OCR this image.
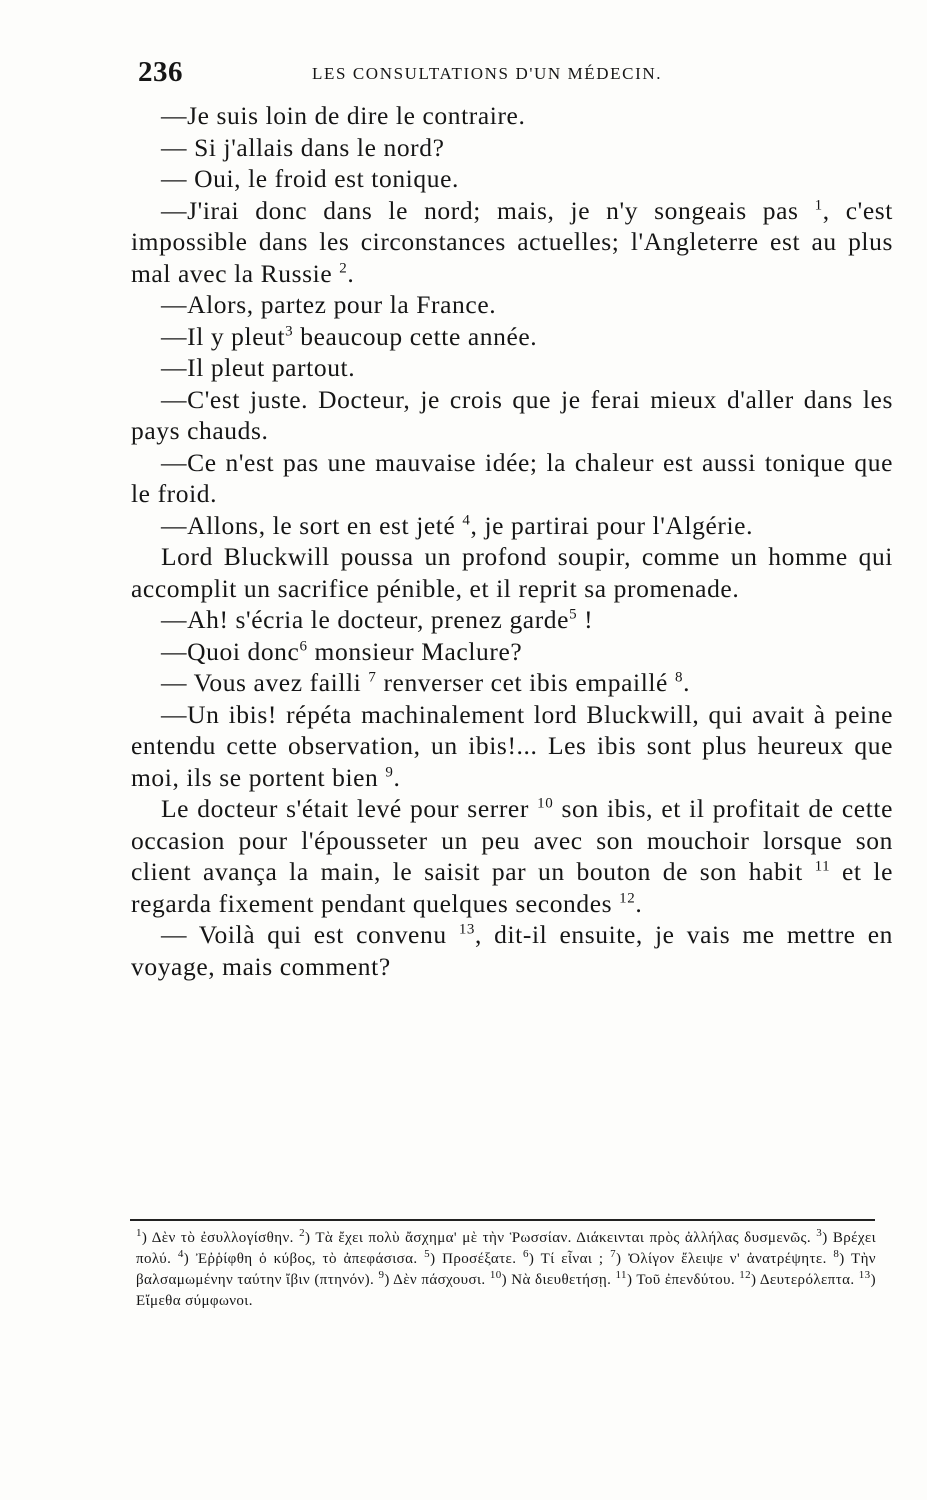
236	LES CONSULTATIONS D'UN MÉDECIN.

—Je suis loin de dire le contraire.

— Si j'allais dans le nord?

— Oui, le froid est tonique.

—J'irai donc dans le nord; mais, je n'y songeais pas $^1$, c'est impossible dans les circonstances actuelles; l'Angleterre est au plus mal avec la Russie $^2$.

—Alors, partez pour la France.

—Il y pleut$^3$ beaucoup cette année.

—Il pleut partout.

—C'est juste. Docteur, je crois que je ferai mieux d'aller dans les pays chauds.

—Ce n'est pas une mauvaise idée; la chaleur est aussi tonique que le froid.

—Allons, le sort en est jeté $^4$, je partirai pour l'Algérie.

Lord Bluckwill poussa un profond soupir, comme un homme qui accomplit un sacrifice pénible, et il reprit sa promenade.

—Ah! s'écria le docteur, prenez garde$^5$ !

—Quoi donc$^6$ monsieur Maclure?

— Vous avez failli $^7$ renverser cet ibis empaillé $^8$.

—Un ibis! répéta machinalement lord Bluckwill, qui avait à peine entendu cette observation, un ibis!... Les ibis sont plus heureux que moi, ils se portent bien $^9$.

Le docteur s'était levé pour serrer $^{10}$ son ibis, et il profitait de cette occasion pour l'épousseter un peu avec son mouchoir lorsque son client avança la main, le saisit par un bouton de son habit $^{11}$ et le regarda fixement pendant quelques secondes $^{12}$.

— Voilà qui est convenu $^{13}$, dit-il ensuite, je vais me mettre en voyage, mais comment?

$^1$) Δὲν τὸ ἐσυλλογίσθην. $^2$) Τὰ ἔχει πολὺ ἄσχημα' μὲ τὴν Ῥωσσίαν. Διάκεινται πρὸς ἀλλήλας δυσμενῶς. $^3$) Βρέχει πολύ. $^4$) Ἐῤῥίφθη ὁ κύβος, τὸ ἀπεφάσισα. $^5$) Προσέξατε. $^6$) Τί εἶναι ; $^7$) Ὀλίγον ἔλειψε ν' ἀνατρέψητε. $^8$) Τὴν βαλσαμωμένην ταύτην ἴβιν (πτηνόν). $^9$) Δὲν πάσχουσι. $^{10}$) Νὰ διευθετήσῃ. $^{11}$) Τοῦ ἐπενδύτου. $^{12}$) Δευτερόλεπτα. $^{13}$) Εἴμεθα σύμφωνοι.
